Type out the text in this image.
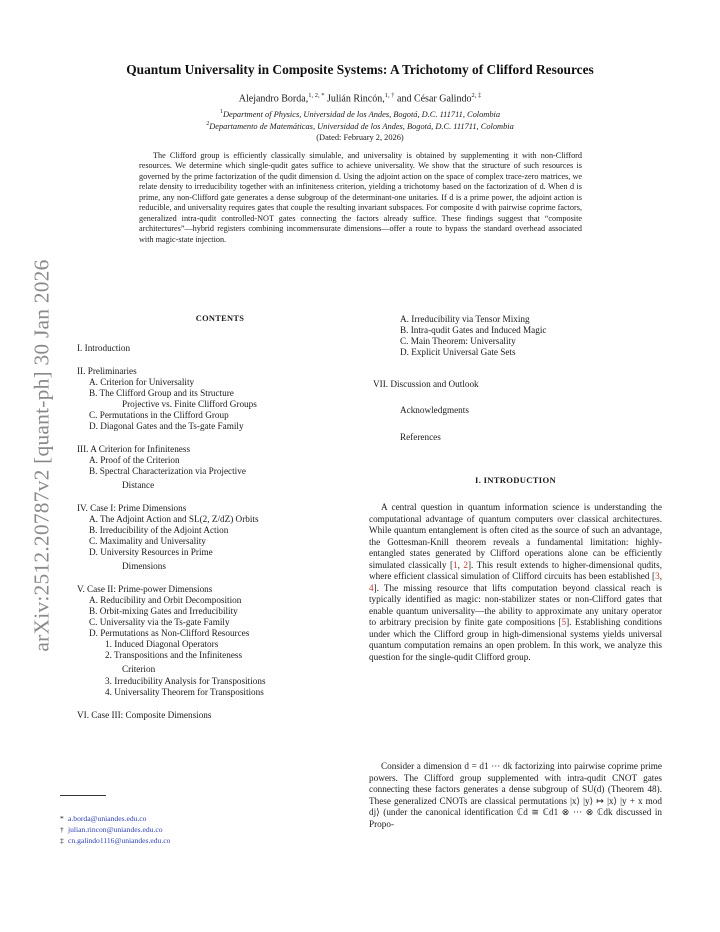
arXiv:2512.20787v2 [quant-ph] 30 Jan 2026
Quantum Universality in Composite Systems: A Trichotomy of Clifford Resources
Alejandro Borda,$^{1, 2, *}$ Julián Rincón,$^{1, \dagger}$ and César Galindo$^{2, \ddagger}$
$^1$Department of Physics, Universidad de los Andes, Bogotá, D.C. 111711, Colombia
$^2$Departamento de Matemáticas, Universidad de los Andes, Bogotá, D.C. 111711, Colombia
(Dated: February 2, 2026)

The Clifford group is efficiently classically simulable, and universality is obtained by supplementing it with non-Clifford resources. We determine which single-qudit gates suffice to achieve universality. We show that the structure of such resources is governed by the prime factorization of the qudit dimension d. Using the adjoint action on the space of complex trace-zero matrices, we relate density to irreducibility together with an infiniteness criterion, yielding a trichotomy based on the factorization of d. When d is prime, any non-Clifford gate generates a dense subgroup of the determinant-one unitaries. If d is a prime power, the adjoint action is reducible, and universality requires gates that couple the resulting invariant subspaces. For composite d with pairwise coprime factors, generalized intra-qudit controlled-NOT gates connecting the factors already suffice. These findings suggest that “composite architectures”—hybrid registers combining incommensurate dimensions—offer a route to bypass the standard overhead associated with magic-state injection.

CONTENTS
I. Introduction
II. Preliminaries
A. Criterion for Universality
B. The Clifford Group and its Structure
Projective vs. Finite Clifford Groups
C. Permutations in the Clifford Group
D. Diagonal Gates and the Ts-gate Family
III. A Criterion for Infiniteness
A. Proof of the Criterion
B. Spectral Characterization via Projective
Distance
IV. Case I: Prime Dimensions
A. The Adjoint Action and SL(2, Z/dZ) Orbits
B. Irreducibility of the Adjoint Action
C. Maximality and Universality
D. University Resources in Prime
Dimensions
V. Case II: Prime-power Dimensions
A. Reducibility and Orbit Decomposition
B. Orbit-mixing Gates and Irreducibility
C. Universality via the Ts-gate Family
D. Permutations as Non-Clifford Resources
1. Induced Diagonal Operators
2. Transpositions and the Infiniteness
Criterion
3. Irreducibility Analysis for Transpositions
4. Universality Theorem for Transpositions
VI. Case III: Composite Dimensions
A. Irreducibility via Tensor Mixing
B. Intra-qudit Gates and Induced Magic
C. Main Theorem: Universality
D. Explicit Universal Gate Sets
VII. Discussion and Outlook
Acknowledgments
References
I. INTRODUCTION

A central question in quantum information science is understanding the computational advantage of quantum computers over classical architectures. While quantum entanglement is often cited as the source of such an advantage, the Gottesman-Knill theorem reveals a fundamental limitation: highly-entangled states generated by Clifford operations alone can be efficiently simulated classically [1, 2]. This result extends to higher-dimensional qudits, where efficient classical simulation of Clifford circuits has been established [3, 4]. The missing resource that lifts computation beyond classical reach is typically identified as magic: non-stabilizer states or non-Clifford gates that enable quantum universality—the ability to approximate any unitary operator to arbitrary precision by finite gate compositions [5]. Establishing conditions under which the Clifford group in high-dimensional systems yields universal quantum computation remains an open problem. In this work, we analyze this question for the single-qudit Clifford group.

Consider a dimension d = d1 ··· dk factorizing into pairwise coprime prime powers. The Clifford group supplemented with intra-qudit CNOT gates connecting these factors generates a dense subgroup of SU(d) (Theorem 48). These generalized CNOTs are classical permutations |x⟩ |y⟩ ↦ |x⟩ |y + x mod dj⟩ (under the canonical identification ℂd ≅ ℂd1 ⊗ ··· ⊗ ℂdk discussed in Propo-

* a.borda@uniandes.edu.co
† julian.rincon@uniandes.edu.co
‡ cn.galindo1116@uniandes.edu.co
